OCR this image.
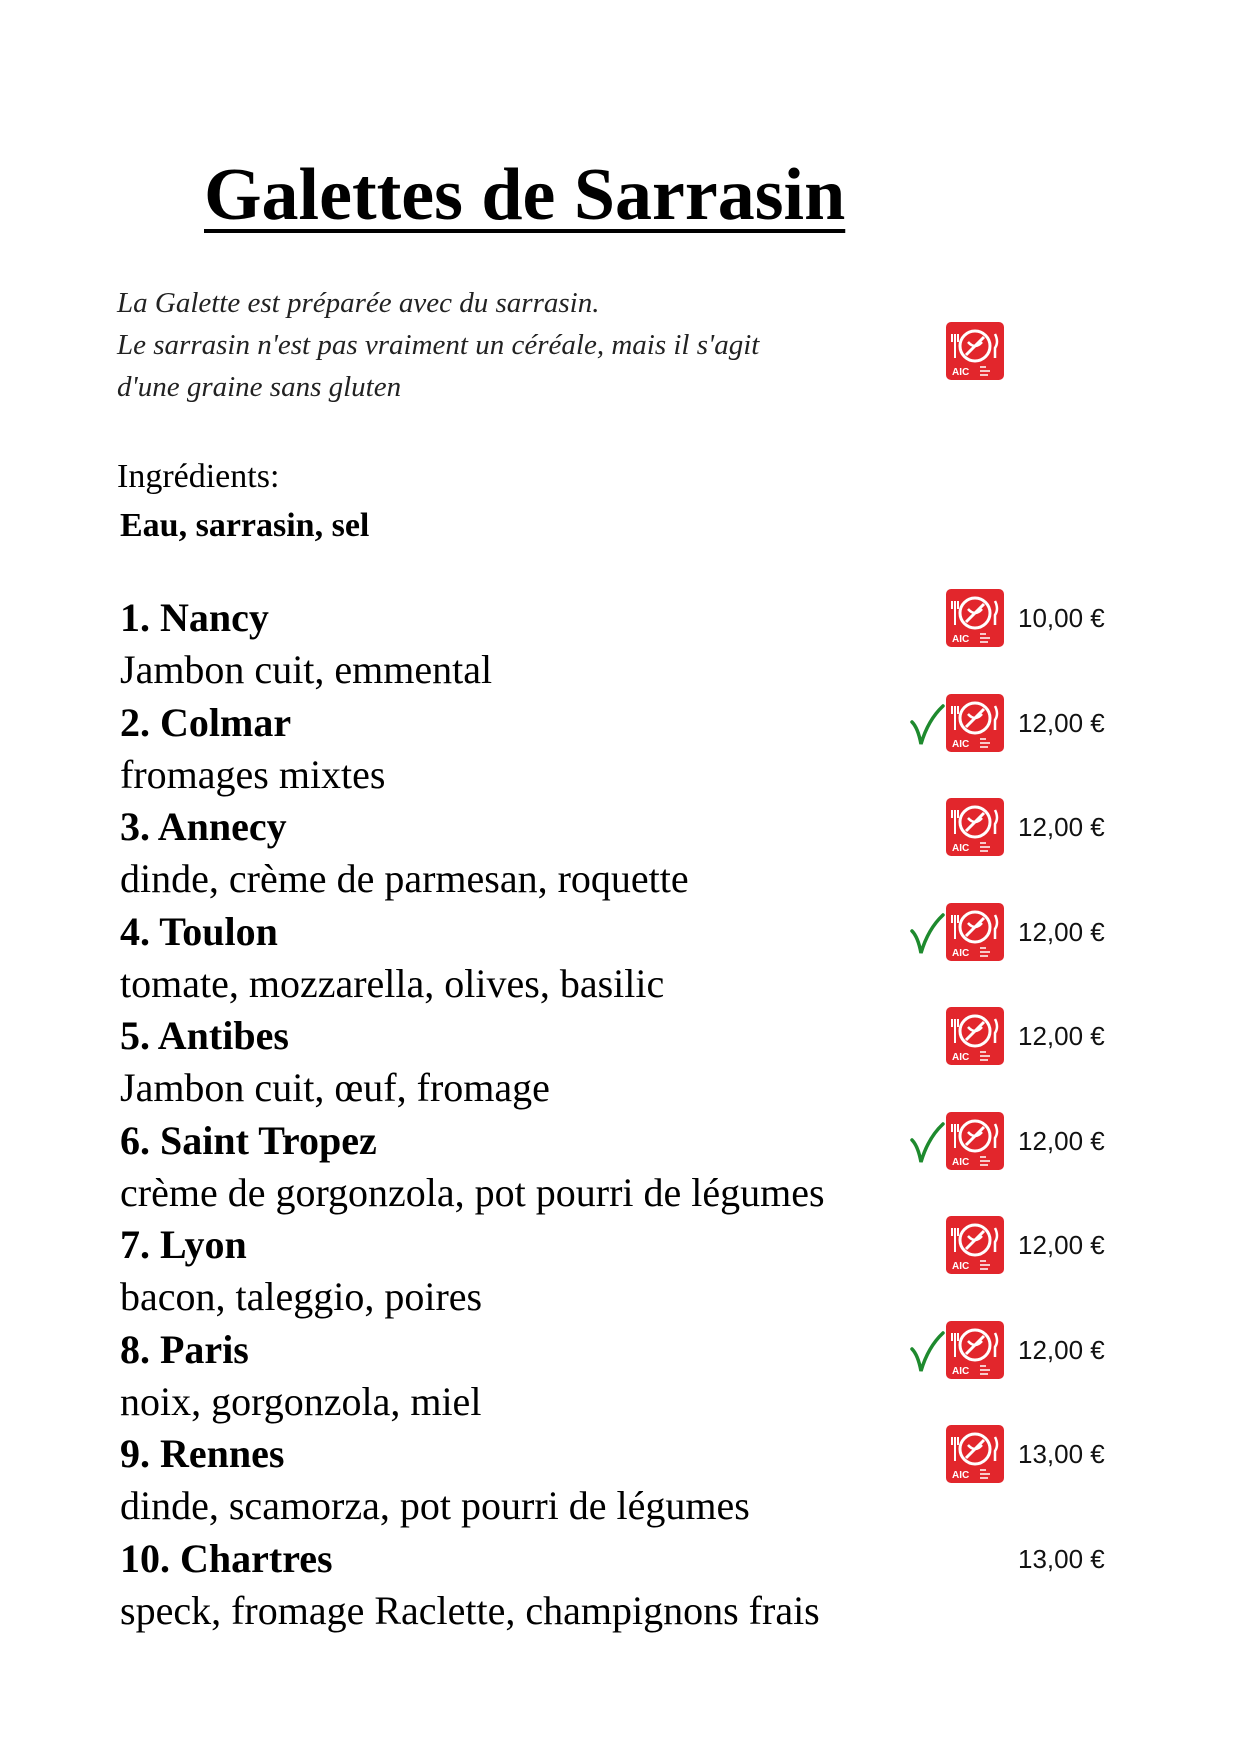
Galettes de Sarrasin
La Galette est préparée avec du sarrasin.
Le sarrasin n'est pas vraiment un céréale, mais il s'agit
d'une graine sans gluten	AIC
Ingrédients:
Eau, sarrasin, sel
1. Nancy
Jambon cuit, emmental
AIC
10,00 €
2. Colmar
fromages mixtes
AIC
12,00 €
3. Annecy
dinde, crème de parmesan, roquette
AIC
12,00 €
4. Toulon
tomate, mozzarella, olives, basilic
AIC
12,00 €
5. Antibes
Jambon cuit, œuf, fromage
AIC
12,00 €
6. Saint Tropez
crème de gorgonzola, pot pourri de légumes
AIC
12,00 €
7. Lyon
bacon, taleggio, poires
AIC
12,00 €
8. Paris
noix, gorgonzola, miel
AIC
12,00 €
9. Rennes
dinde, scamorza, pot pourri de légumes
AIC
13,00 €
10. Chartres
speck, fromage Raclette, champignons frais
13,00 €
